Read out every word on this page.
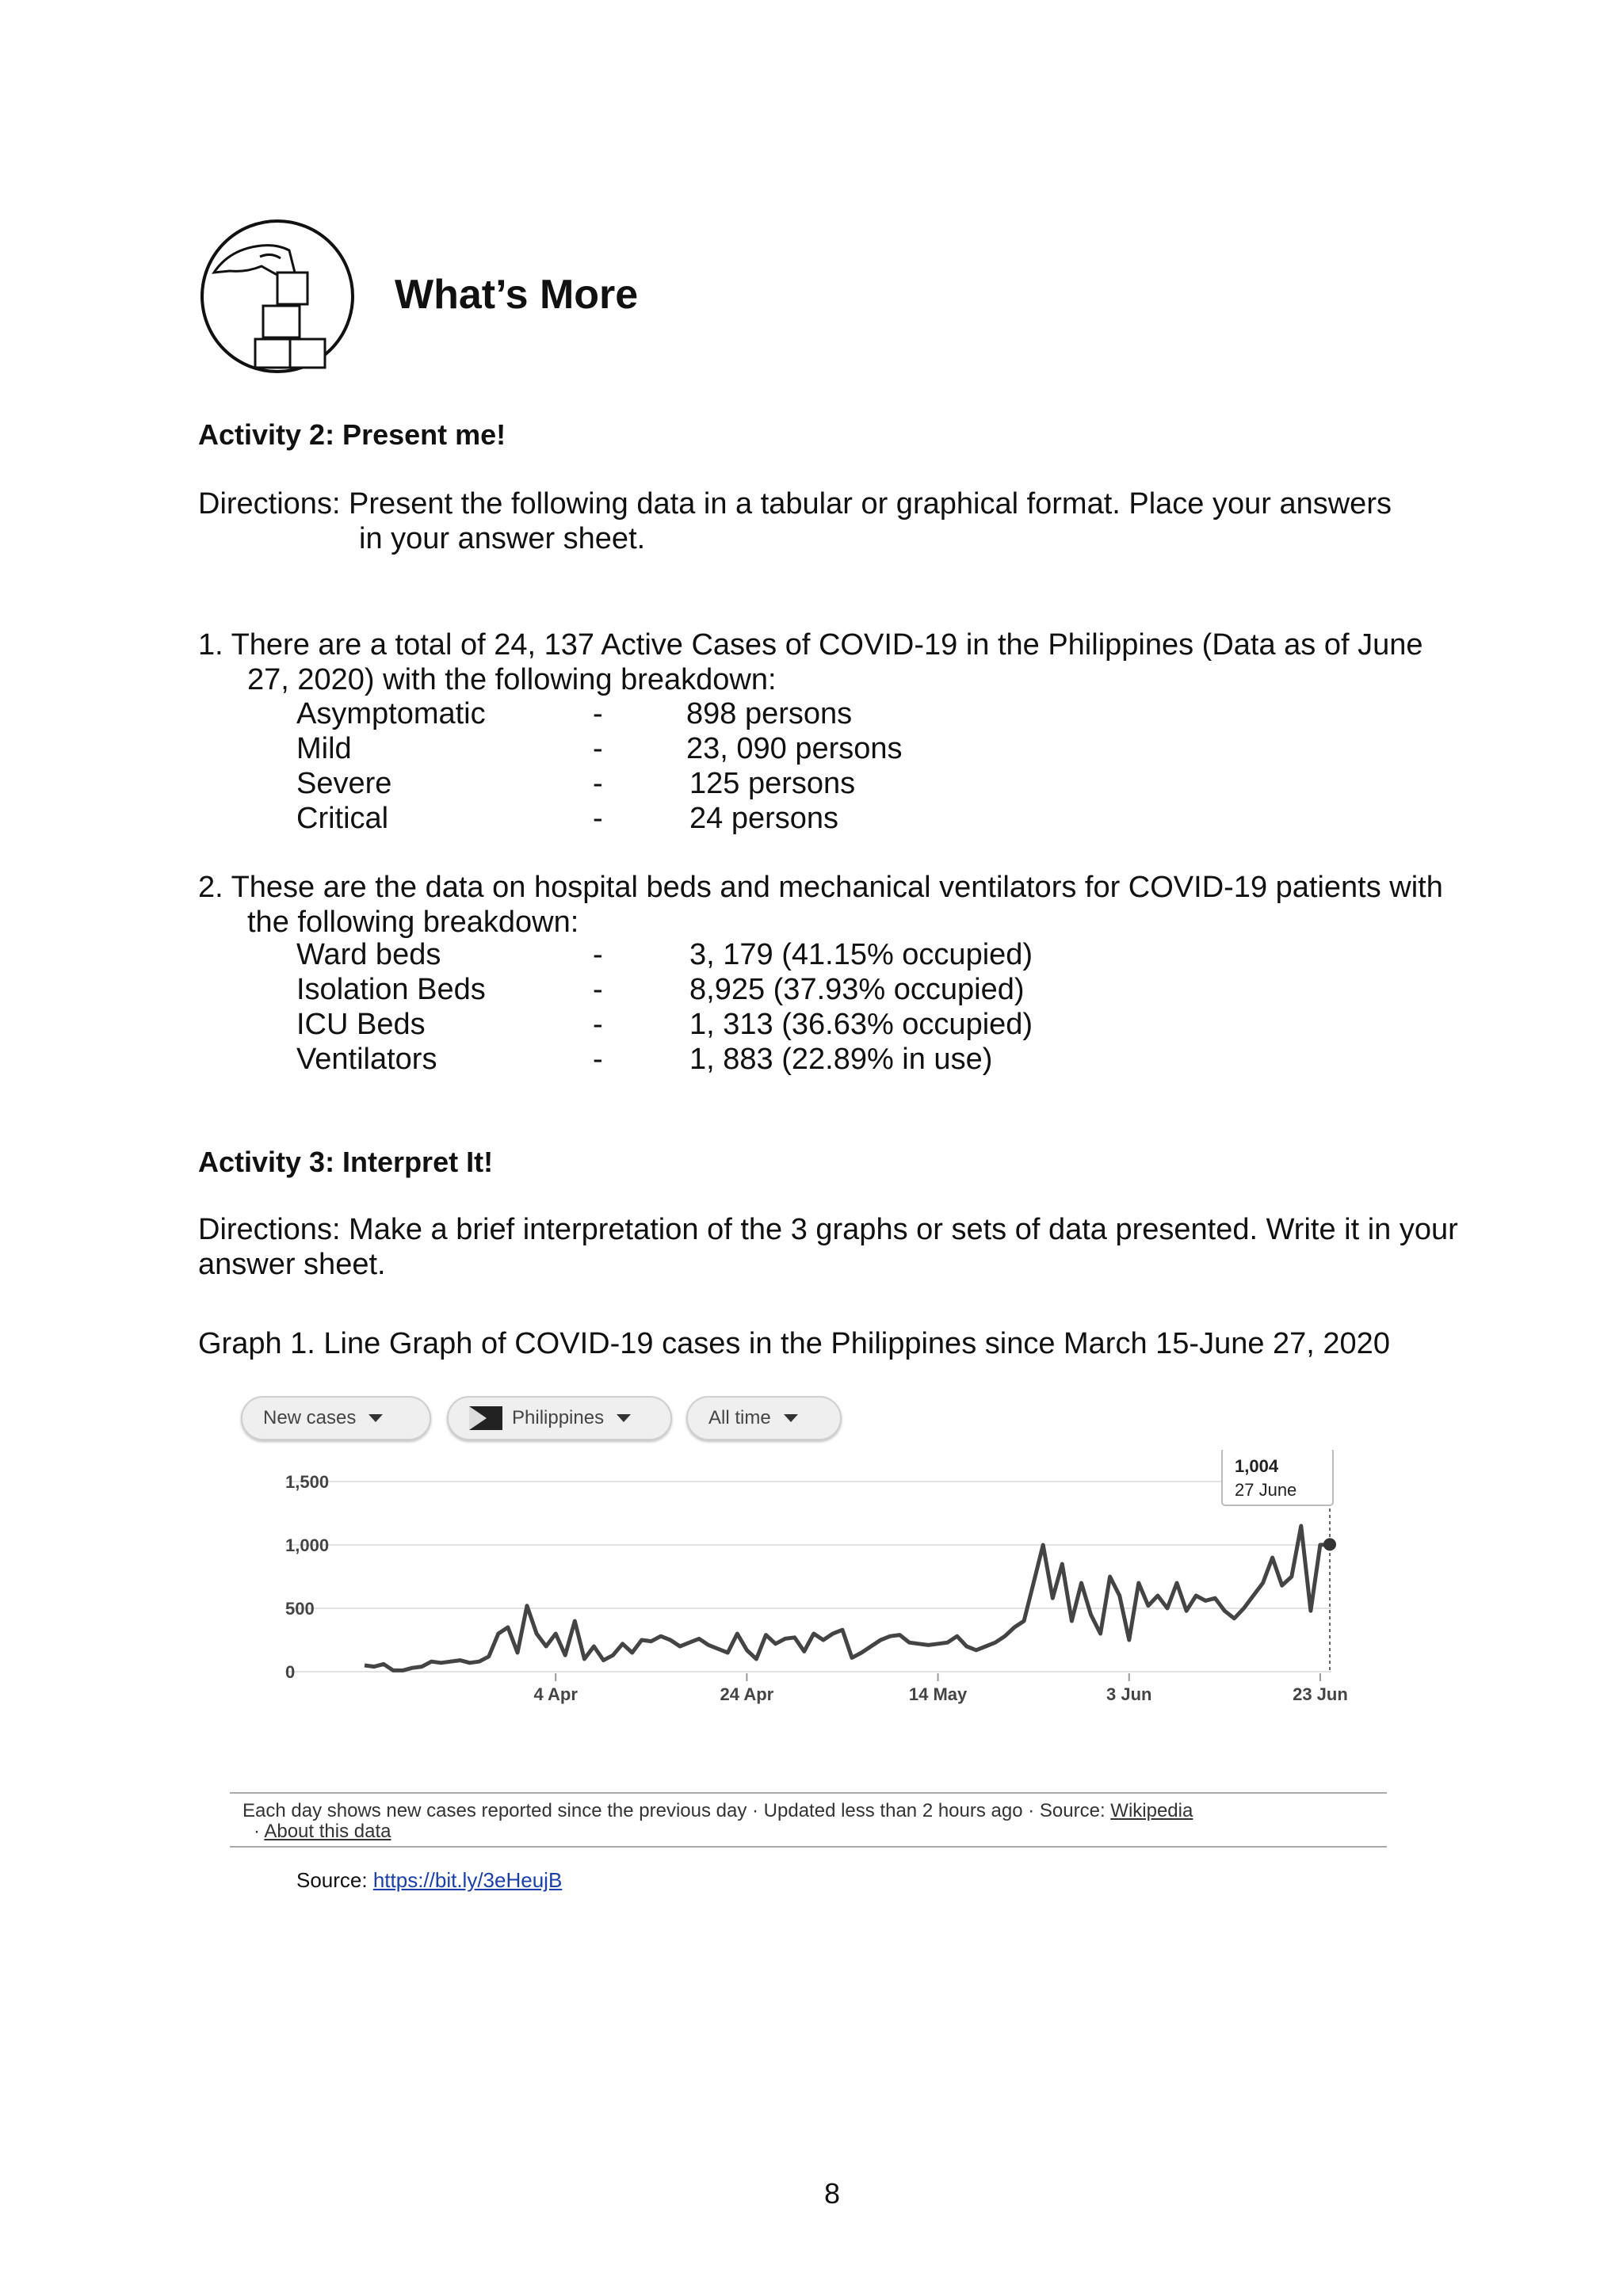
What’s More
Activity 2: Present me!
Directions: Present the following data in a tabular or graphical format. Place your answers
in your answer sheet.
1. There are a total of 24, 137 Active Cases of COVID-19 in the Philippines (Data as of June
27, 2020) with the following breakdown:
Asymptomatic	-	898 persons
Mild	-	23, 090 persons
Severe	-	125 persons
Critical	-	24 persons
2. These are the data on hospital beds and mechanical ventilators for COVID-19 patients with
the following breakdown:
Ward beds	-	3, 179 (41.15% occupied)
Isolation Beds	-	8,925 (37.93% occupied)
ICU Beds	-	1, 313 (36.63% occupied)
Ventilators	-	1, 883 (22.89% in use)
Activity 3: Interpret It!
Directions: Make a brief interpretation of the 3 graphs or sets of data presented. Write it in your
answer sheet.
Graph 1. Line Graph of COVID-19 cases in the Philippines since March 15-June 27, 2020
New cases	Philippines	All time
1,500
1,000
500
0
4 Apr	24 Apr	14 May	3 Jun	23 Jun
1,004
27 June
Each day shows new cases reported since the previous day · Updated less than 2 hours ago · Source: Wikipedia
· About this data
Source: https://bit.ly/3eHeujB
8
